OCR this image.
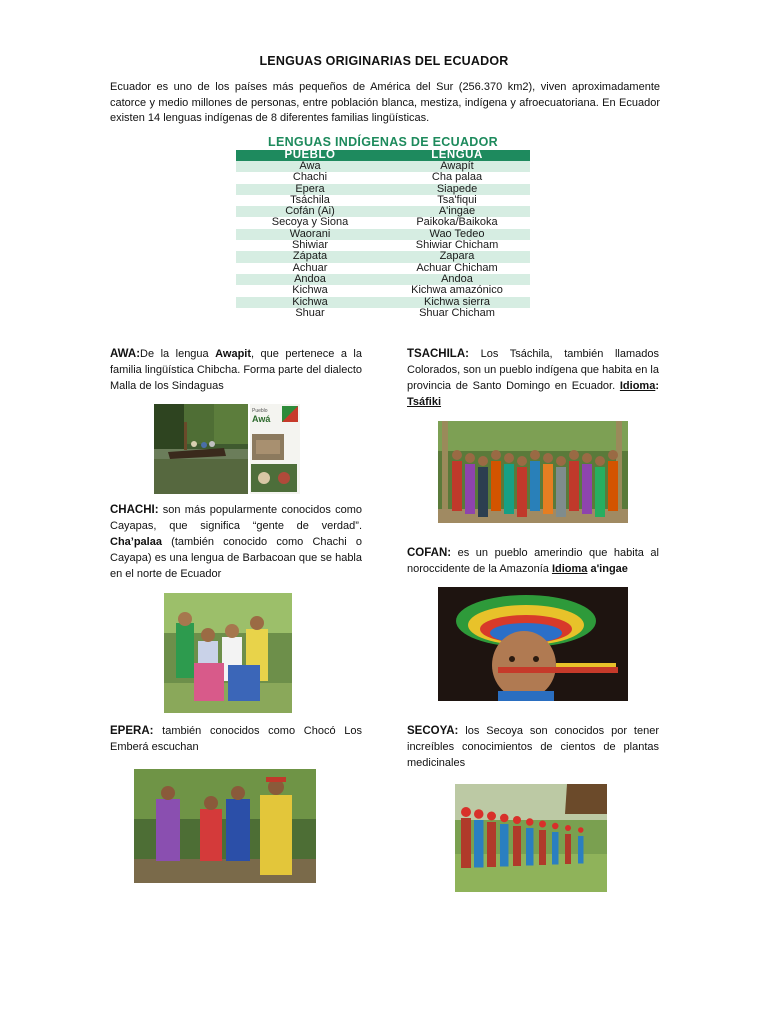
LENGUAS ORIGINARIAS DEL ECUADOR
Ecuador es uno de los países más pequeños de América del Sur (256.370 km2), viven aproximadamente catorce y medio millones de personas, entre población blanca, mestiza, indígena y afroecuatoriana. En Ecuador existen 14 lenguas indígenas de 8 diferentes familias lingüísticas.
LENGUAS INDÍGENAS DE ECUADOR
PUEBLO	LENGUA
Awa	Awapít
Chachi	Cha palaa
Epera	Siapede
Tsáchila	Tsa'fiqui
Cofán (Ai)	A'ingae
Secoya y Siona	Paikoka/Baikoka
Waorani	Wao Tedeo
Shiwiar	Shiwiar Chicham
Zápata	Zapara
Achuar	Achuar Chicham
Andoa	Andoa
Kichwa	Kichwa amazónico
Kichwa	Kichwa sierra
Shuar	Shuar Chicham
AWA:De la lengua Awapit, que pertenece a la familia lingüística Chibcha. Forma parte del dialecto Malla de los Sindaguas
Pueblo
Awá
CHACHI: son más popularmente conocidos como Cayapas, que significa “gente de verdad”. Cha’palaa (también conocido como Chachi o Cayapa) es una lengua de Barbacoan que se habla en el norte de Ecuador
EPERA: también conocidos como Chocó Los Emberá escuchan
TSACHILA: Los Tsáchila, también llamados Colorados, son un pueblo indígena que habita en la provincia de Santo Domingo en Ecuador. Idioma: Tsáfiki
COFAN: es un pueblo amerindio que habita al noroccidente de la Amazonía Idioma a'ingae
SECOYA: los Secoya son conocidos por tener increíbles conocimientos de cientos de plantas medicinales
